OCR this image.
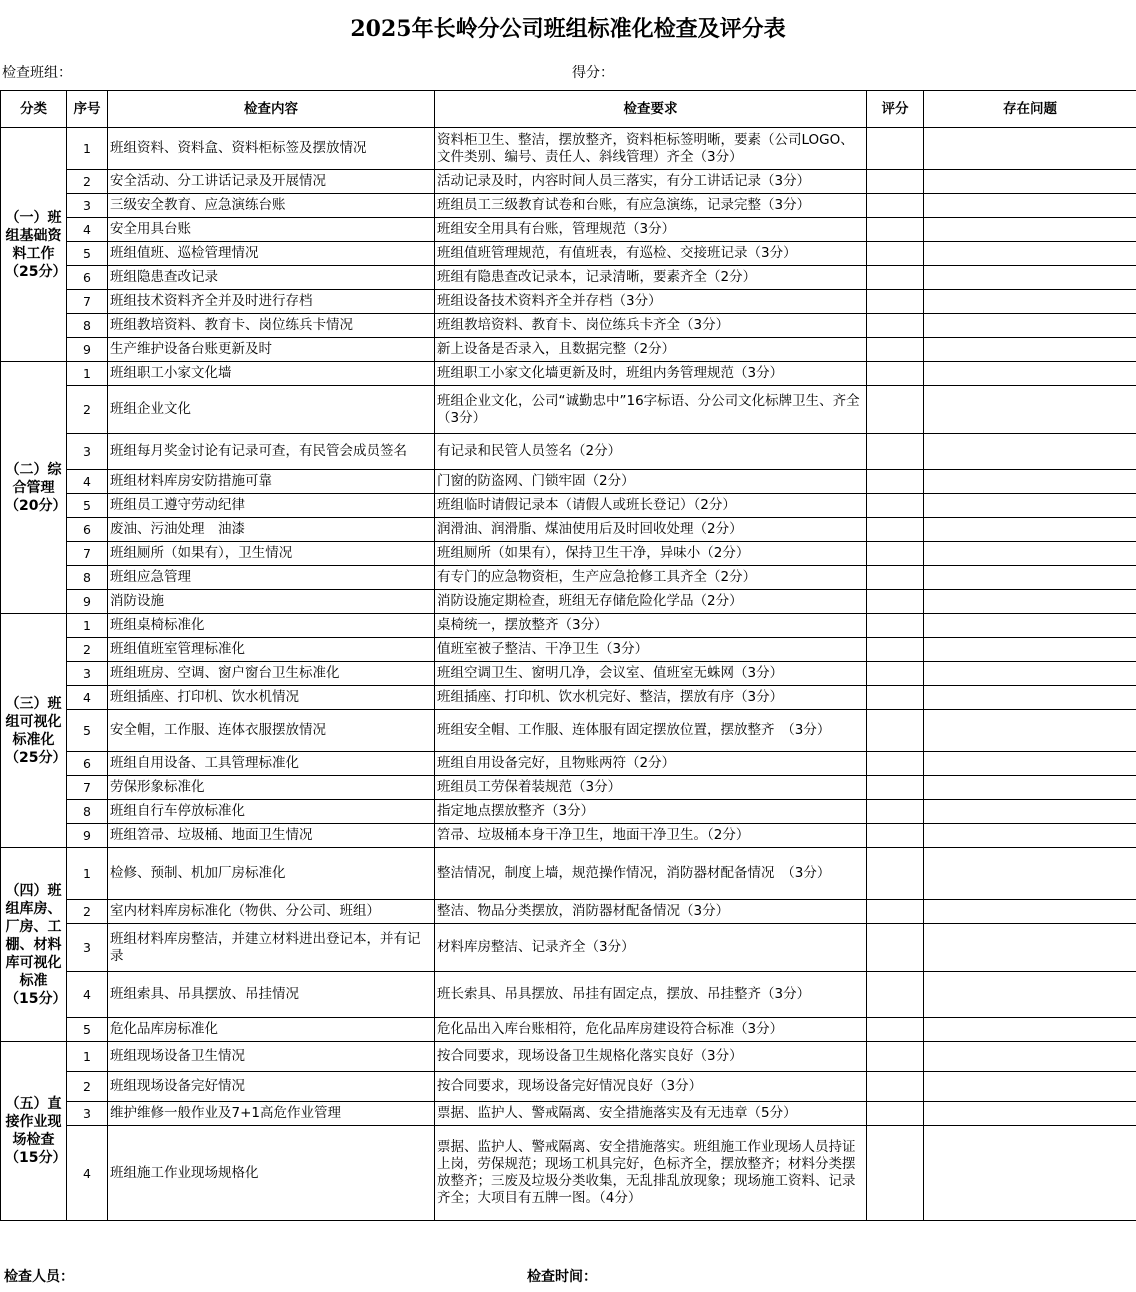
2025年长岭分公司班组标准化检查及评分表
检查班组：	得分：
分类	序号	检查内容	检查要求	评分	存在问题
（一）班组基础资料工作（25分）	1	班组资料、资料盒、资料柜标签及摆放情况	资料柜卫生、整洁，摆放整齐，资料柜标签明晰，要素（公司LOGO、文件类别、编号、责任人、斜线管理）齐全（3分）		
	2	安全活动、分工讲话记录及开展情况	活动记录及时，内容时间人员三落实，有分工讲话记录（3分）		
	3	三级安全教育、应急演练台账	班组员工三级教育试卷和台账，有应急演练，记录完整（3分）		
	4	安全用具台账	班组安全用具有台账，管理规范（3分）		
	5	班组值班、巡检管理情况	班组值班管理规范，有值班表，有巡检、交接班记录（3分）		
	6	班组隐患查改记录	班组有隐患查改记录本，记录清晰，要素齐全（2分）		
	7	班组技术资料齐全并及时进行存档	班组设备技术资料齐全并存档（3分）		
	8	班组教培资料、教育卡、岗位练兵卡情况	班组教培资料、教育卡、岗位练兵卡齐全（3分）		
	9	生产维护设备台账更新及时	新上设备是否录入，且数据完整（2分）		
（二）综合管理（20分）	1	班组职工小家文化墙	班组职工小家文化墙更新及时，班组内务管理规范（3分）		
	2	班组企业文化	班组企业文化，公司“诚勤忠中”16字标语、分公司文化标牌卫生、齐全（3分）		
	3	班组每月奖金讨论有记录可查，有民管会成员签名	有记录和民管人员签名（2分）		
	4	班组材料库房安防措施可靠	门窗的防盗网、门锁牢固（2分）		
	5	班组员工遵守劳动纪律	班组临时请假记录本（请假人或班长登记）（2分）		
	6	废油、污油处理　油漆	润滑油、润滑脂、煤油使用后及时回收处理（2分）		
	7	班组厕所（如果有），卫生情况	班组厕所（如果有），保持卫生干净，异味小（2分）		
	8	班组应急管理	有专门的应急物资柜，生产应急抢修工具齐全（2分）		
	9	消防设施	消防设施定期检查，班组无存储危险化学品（2分）		
（三）班组可视化标准化（25分）	1	班组桌椅标准化	桌椅统一，摆放整齐（3分）		
	2	班组值班室管理标准化	值班室被子整洁、干净卫生（3分）		
	3	班组班房、空调、窗户窗台卫生标准化	班组空调卫生、窗明几净，会议室、值班室无蛛网（3分）		
	4	班组插座、打印机、饮水机情况	班组插座、打印机、饮水机完好、整洁，摆放有序（3分）		
	5	安全帽，工作服、连体衣服摆放情况	班组安全帽、工作服、连体服有固定摆放位置，摆放整齐　（3分）		
	6	班组自用设备、工具管理标准化	班组自用设备完好，且物账两符（2分）		
	7	劳保形象标准化	班组员工劳保着装规范（3分）		
	8	班组自行车停放标准化	指定地点摆放整齐（3分）		
	9	班组笤帚、垃圾桶、地面卫生情况	笤帚、垃圾桶本身干净卫生，地面干净卫生。（2分）		
（四）班组库房、厂房、工棚、材料库可视化标准（15分）	1	检修、预制、机加厂房标准化	整洁情况，制度上墙，规范操作情况，消防器材配备情况　（3分）		
	2	室内材料库房标准化（物供、分公司、班组）	整洁、物品分类摆放，消防器材配备情况（3分）		
	3	班组材料库房整洁，并建立材料进出登记本，并有记录	材料库房整洁、记录齐全（3分）		
	4	班组索具、吊具摆放、吊挂情况	班长索具、吊具摆放、吊挂有固定点，摆放、吊挂整齐（3分）		
	5	危化品库房标准化	危化品出入库台账相符，危化品库房建设符合标准（3分）		
（五）直接作业现场检查（15分）	1	班组现场设备卫生情况	按合同要求，现场设备卫生规格化落实良好（3分）		
	2	班组现场设备完好情况	按合同要求，现场设备完好情况良好（3分）		
	3	维护维修一般作业及7+1高危作业管理	票据、监护人、警戒隔离、安全措施落实及有无违章（5分）		
	4	班组施工作业现场规格化	票据、监护人、警戒隔离、安全措施落实。班组施工作业现场人员持证上岗，劳保规范；现场工机具完好，色标齐全，摆放整齐；材料分类摆放整齐；三废及垃圾分类收集，无乱排乱放现象；现场施工资料、记录齐全；大项目有五牌一图。（4分）		
检查人员：	检查时间：
